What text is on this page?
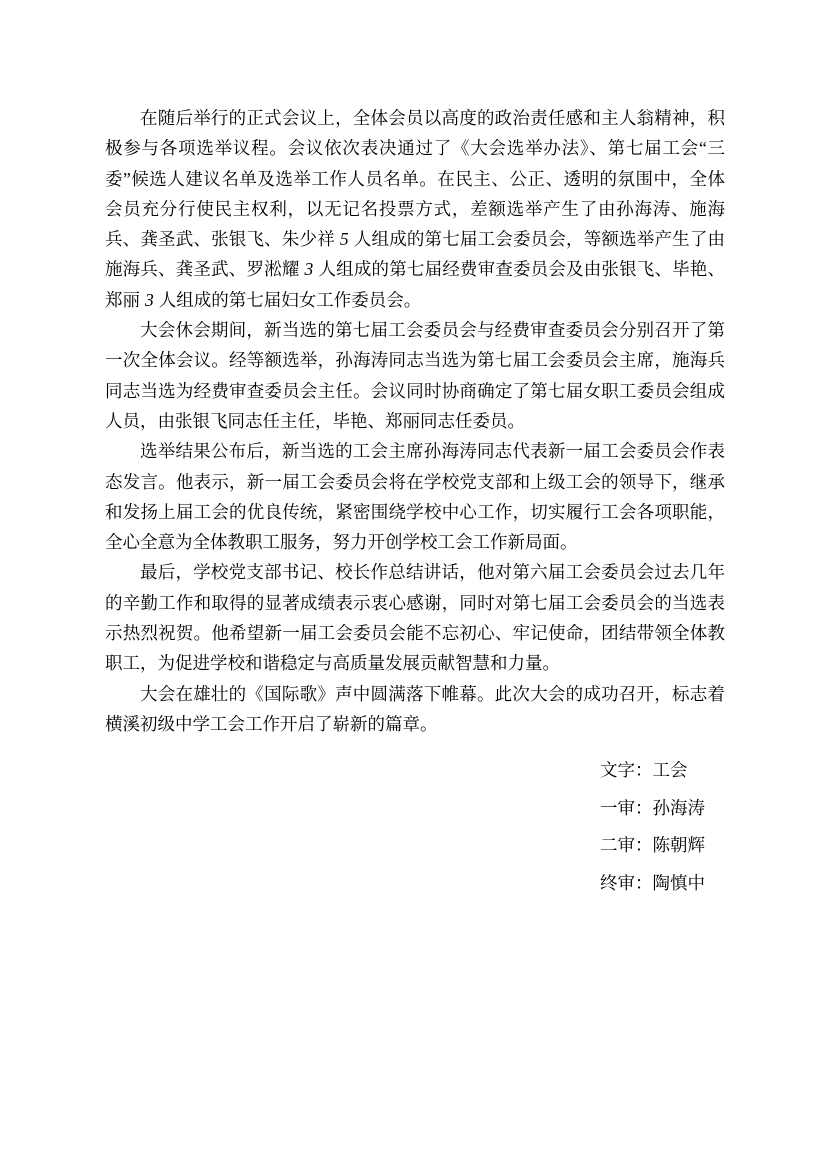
在随后举行的正式会议上，全体会员以高度的政治责任感和主人翁精神，积极参与各项选举议程。会议依次表决通过了《大会选举办法》、第七届工会“三委”候选人建议名单及选举工作人员名单。在民主、公正、透明的氛围中，全体会员充分行使民主权利，以无记名投票方式，差额选举产生了由孙海涛、施海兵、龚圣武、张银飞、朱少祥 5 人组成的第七届工会委员会，等额选举产生了由施海兵、龚圣武、罗淞耀 3 人组成的第七届经费审查委员会及由张银飞、毕艳、郑丽 3 人组成的第七届妇女工作委员会。

大会休会期间，新当选的第七届工会委员会与经费审查委员会分别召开了第一次全体会议。经等额选举，孙海涛同志当选为第七届工会委员会主席，施海兵同志当选为经费审查委员会主任。会议同时协商确定了第七届女职工委员会组成人员，由张银飞同志任主任，毕艳、郑丽同志任委员。

选举结果公布后，新当选的工会主席孙海涛同志代表新一届工会委员会作表态发言。他表示，新一届工会委员会将在学校党支部和上级工会的领导下，继承和发扬上届工会的优良传统，紧密围绕学校中心工作，切实履行工会各项职能，全心全意为全体教职工服务，努力开创学校工会工作新局面。

最后，学校党支部书记、校长作总结讲话，他对第六届工会委员会过去几年的辛勤工作和取得的显著成绩表示衷心感谢，同时对第七届工会委员会的当选表示热烈祝贺。他希望新一届工会委员会能不忘初心、牢记使命，团结带领全体教职工，为促进学校和谐稳定与高质量发展贡献智慧和力量。

大会在雄壮的《国际歌》声中圆满落下帷幕。此次大会的成功召开，标志着横溪初级中学工会工作开启了崭新的篇章。

文字：工会
一审：孙海涛
二审：陈朝辉
终审：陶慎中
